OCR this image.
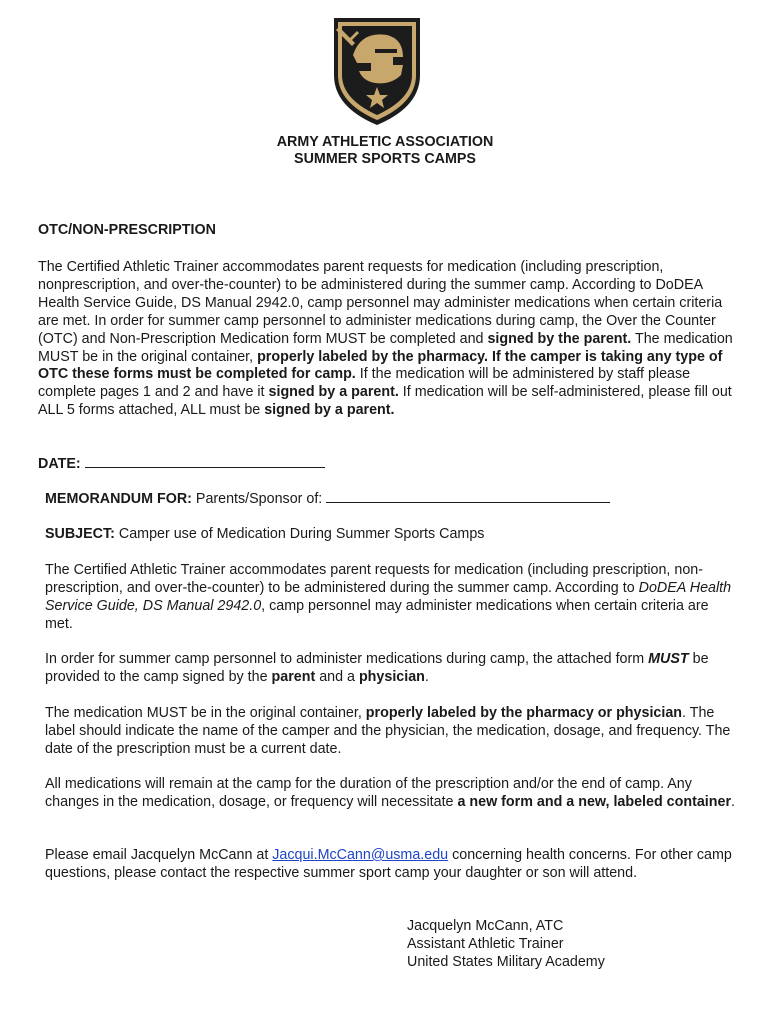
ARMY ATHLETIC ASSOCIATION
SUMMER SPORTS CAMPS
OTC/NON-PRESCRIPTION

The Certified Athletic Trainer accommodates parent requests for medication (including prescription, nonprescription, and over-the-counter) to be administered during the summer camp. According to DoDEA Health Service Guide, DS Manual 2942.0, camp personnel may administer medications when certain criteria are met. In order for summer camp personnel to administer medications during camp, the Over the Counter (OTC) and Non-Prescription Medication form MUST be completed and signed by the parent. The medication MUST be in the original container, properly labeled by the pharmacy. If the camper is taking any type of OTC these forms must be completed for camp. If the medication will be administered by staff please complete pages 1 and 2 and have it signed by a parent. If medication will be self-administered, please fill out ALL 5 forms attached, ALL must be signed by a parent.

DATE:
MEMORANDUM FOR: Parents/Sponsor of:
SUBJECT: Camper use of Medication During Summer Sports Camps

The Certified Athletic Trainer accommodates parent requests for medication (including prescription, non-prescription, and over-the-counter) to be administered during the summer camp. According to DoDEA Health Service Guide, DS Manual 2942.0, camp personnel may administer medications when certain criteria are met.

In order for summer camp personnel to administer medications during camp, the attached form MUST be provided to the camp signed by the parent and a physician.

The medication MUST be in the original container, properly labeled by the pharmacy or physician. The label should indicate the name of the camper and the physician, the medication, dosage, and frequency. The date of the prescription must be a current date.

All medications will remain at the camp for the duration of the prescription and/or the end of camp. Any changes in the medication, dosage, or frequency will necessitate a new form and a new, labeled container.

Please email Jacquelyn McCann at Jacqui.McCann@usma.edu concerning health concerns. For other camp questions, please contact the respective summer sport camp your daughter or son will attend.

Jacquelyn McCann, ATC
Assistant Athletic Trainer
United States Military Academy
